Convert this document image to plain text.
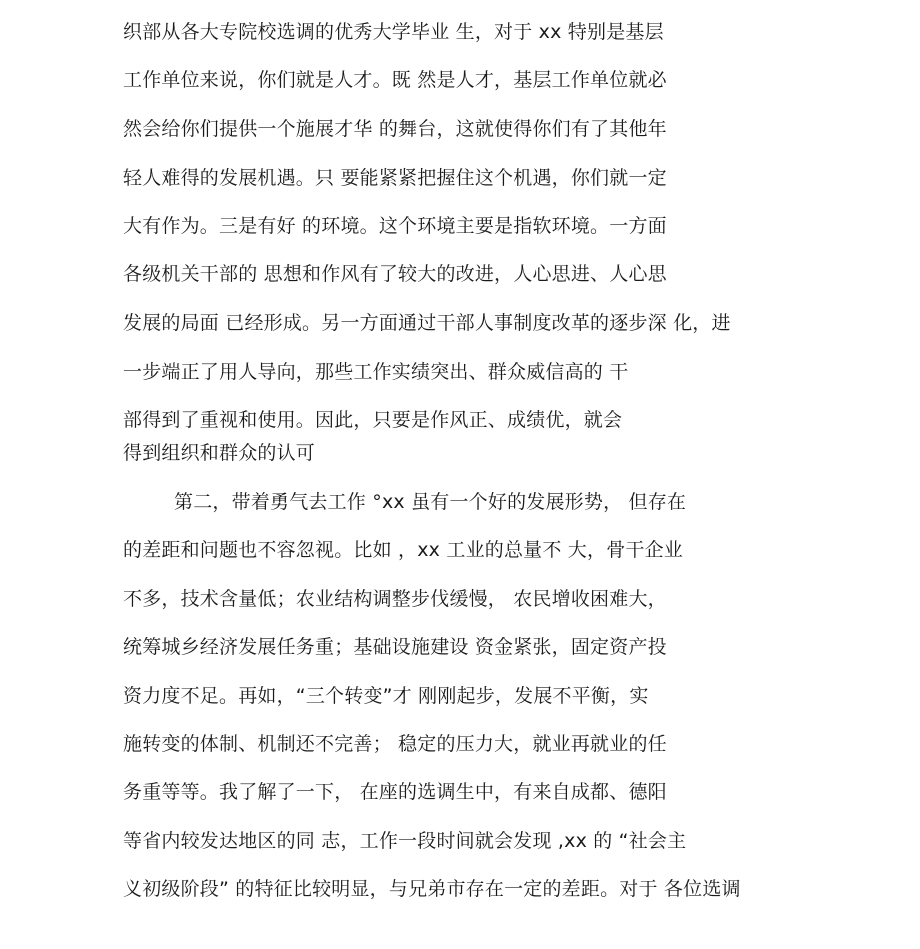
织部从各大专院校选调的优秀大学毕业 生，对于 xx 特别是基层
工作单位来说，你们就是人才。既 然是人才，基层工作单位就必
然会给你们提供一个施展才华 的舞台，这就使得你们有了其他年
轻人难得的发展机遇。只 要能紧紧把握住这个机遇，你们就一定
大有作为。三是有好 的环境。这个环境主要是指软环境。一方面
各级机关干部的 思想和作风有了较大的改进，人心思进、人心思
发展的局面 已经形成。另一方面通过干部人事制度改革的逐步深 化，进
一步端正了用人导向，那些工作实绩突出、群众威信高的 干
部得到了重视和使用。因此，只要是作风正、成绩优，就会
得到组织和群众的认可
第二，带着勇气去工作 °xx 虽有一个好的发展形势， 但存在
的差距和问题也不容忽视。比如 ，xx 工业的总量不 大，骨干企业
不多，技术含量低；农业结构调整步伐缓慢， 农民增收困难大，
统筹城乡经济发展任务重；基础设施建设 资金紧张，固定资产投
资力度不足。再如，“三个转变”才 刚刚起步，发展不平衡，实
施转变的体制、机制还不完善； 稳定的压力大，就业再就业的任
务重等等。我了解了一下， 在座的选调生中，有来自成都、德阳
等省内较发达地区的同 志，工作一段时间就会发现 ,xx 的 “社会主
义初级阶段” 的特征比较明显，与兄弟市存在一定的差距。对于 各位选调
